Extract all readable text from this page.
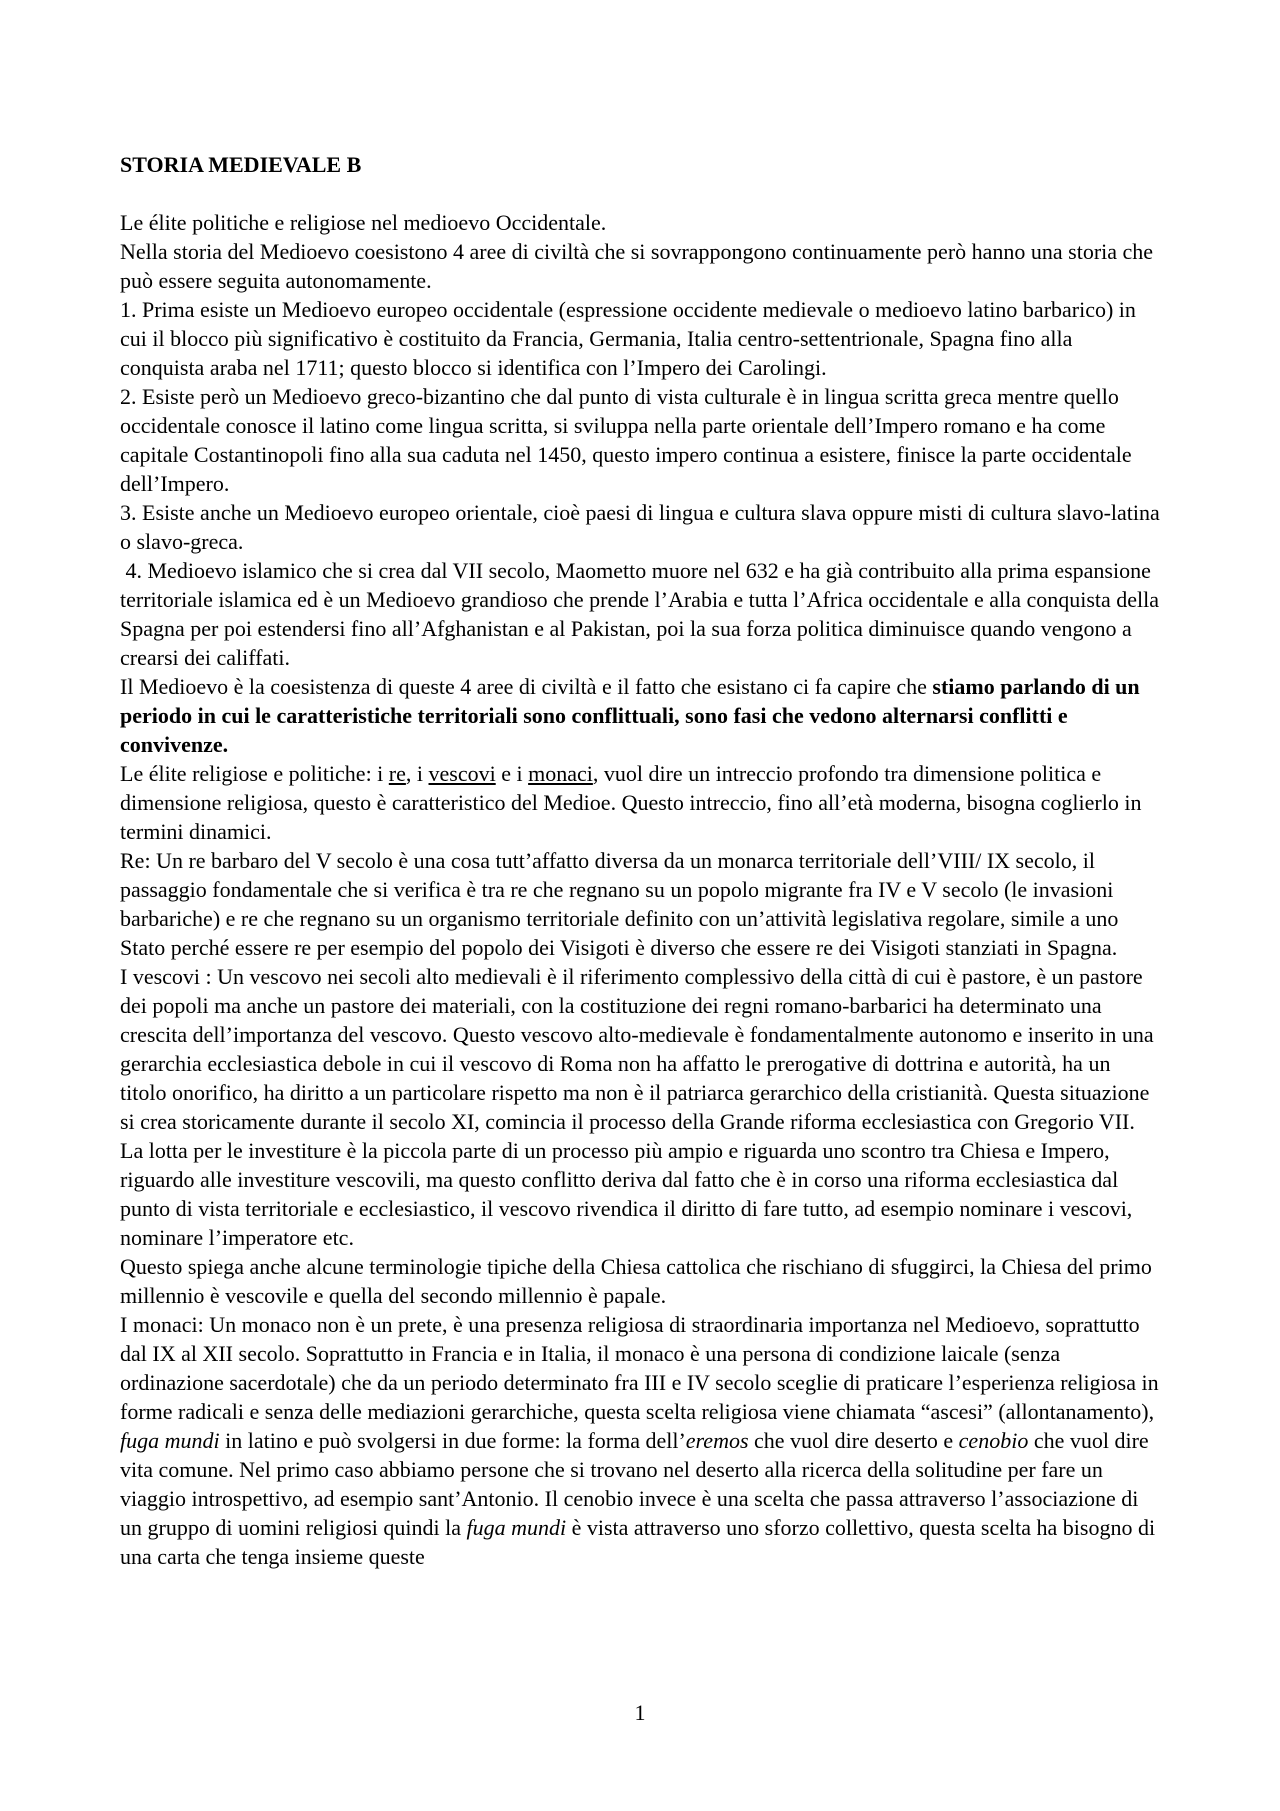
STORIA MEDIEVALE B

Le élite politiche e religiose nel medioevo Occidentale.

Nella storia del Medioevo coesistono 4 aree di civiltà che si sovrappongono continuamente però hanno una storia che può essere seguita autonomamente.

1. Prima esiste un Medioevo europeo occidentale (espressione occidente medievale o medioevo latino barbarico) in cui il blocco più significativo è costituito da Francia, Germania, Italia centro-settentrionale, Spagna fino alla conquista araba nel 1711; questo blocco si identifica con l’Impero dei Carolingi.

2. Esiste però un Medioevo greco-bizantino che dal punto di vista culturale è in lingua scritta greca mentre quello occidentale conosce il latino come lingua scritta, si sviluppa nella parte orientale dell’Impero romano e ha come capitale Costantinopoli fino alla sua caduta nel 1450, questo impero continua a esistere, finisce la parte occidentale dell’Impero.

3. Esiste anche un Medioevo europeo orientale, cioè paesi di lingua e cultura slava oppure misti di cultura slavo-latina o slavo-greca.

4. Medioevo islamico che si crea dal VII secolo, Maometto muore nel 632 e ha già contribuito alla prima espansione territoriale islamica ed è un Medioevo grandioso che prende l’Arabia e tutta l’Africa occidentale e alla conquista della Spagna per poi estendersi fino all’Afghanistan e al Pakistan, poi la sua forza politica diminuisce quando vengono a crearsi dei califfati.

Il Medioevo è la coesistenza di queste 4 aree di civiltà e il fatto che esistano ci fa capire che stiamo parlando di un periodo in cui le caratteristiche territoriali sono conflittuali, sono fasi che vedono alternarsi conflitti e convivenze.

Le élite religiose e politiche: i re, i vescovi e i monaci, vuol dire un intreccio profondo tra dimensione politica e dimensione religiosa, questo è caratteristico del Medioe. Questo intreccio, fino all’età moderna, bisogna coglierlo in termini dinamici.

Re: Un re barbaro del V secolo è una cosa tutt’affatto diversa da un monarca territoriale dell’VIII/ IX secolo, il passaggio fondamentale che si verifica è tra re che regnano su un popolo migrante fra IV e V secolo (le invasioni barbariche) e re che regnano su un organismo territoriale definito con un’attività legislativa regolare, simile a uno Stato perché essere re per esempio del popolo dei Visigoti è diverso che essere re dei Visigoti stanziati in Spagna.

I vescovi : Un vescovo nei secoli alto medievali è il riferimento complessivo della città di cui è pastore, è un pastore dei popoli ma anche un pastore dei materiali, con la costituzione dei regni romano-barbarici ha determinato una crescita dell’importanza del vescovo. Questo vescovo alto-medievale è fondamentalmente autonomo e inserito in una gerarchia ecclesiastica debole in cui il vescovo di Roma non ha affatto le prerogative di dottrina e autorità, ha un titolo onorifico, ha diritto a un particolare rispetto ma non è il patriarca gerarchico della cristianità. Questa situazione si crea storicamente durante il secolo XI, comincia il processo della Grande riforma ecclesiastica con Gregorio VII. La lotta per le investiture è la piccola parte di un processo più ampio e riguarda uno scontro tra Chiesa e Impero, riguardo alle investiture vescovili, ma questo conflitto deriva dal fatto che è in corso una riforma ecclesiastica dal punto di vista territoriale e ecclesiastico, il vescovo rivendica il diritto di fare tutto, ad esempio nominare i vescovi, nominare l’imperatore etc.

Questo spiega anche alcune terminologie tipiche della Chiesa cattolica che rischiano di sfuggirci, la Chiesa del primo millennio è vescovile e quella del secondo millennio è papale.

I monaci: Un monaco non è un prete, è una presenza religiosa di straordinaria importanza nel Medioevo, soprattutto dal IX al XII secolo. Soprattutto in Francia e in Italia, il monaco è una persona di condizione laicale (senza ordinazione sacerdotale) che da un periodo determinato fra III e IV secolo sceglie di praticare l’esperienza religiosa in forme radicali e senza delle mediazioni gerarchiche, questa scelta religiosa viene chiamata “ascesi” (allontanamento), fuga mundi in latino e può svolgersi in due forme: la forma dell’eremos che vuol dire deserto e cenobio che vuol dire vita comune. Nel primo caso abbiamo persone che si trovano nel deserto alla ricerca della solitudine per fare un viaggio introspettivo, ad esempio sant’Antonio. Il cenobio invece è una scelta che passa attraverso l’associazione di un gruppo di uomini religiosi quindi la fuga mundi è vista attraverso uno sforzo collettivo, questa scelta ha bisogno di una carta che tenga insieme queste

1
